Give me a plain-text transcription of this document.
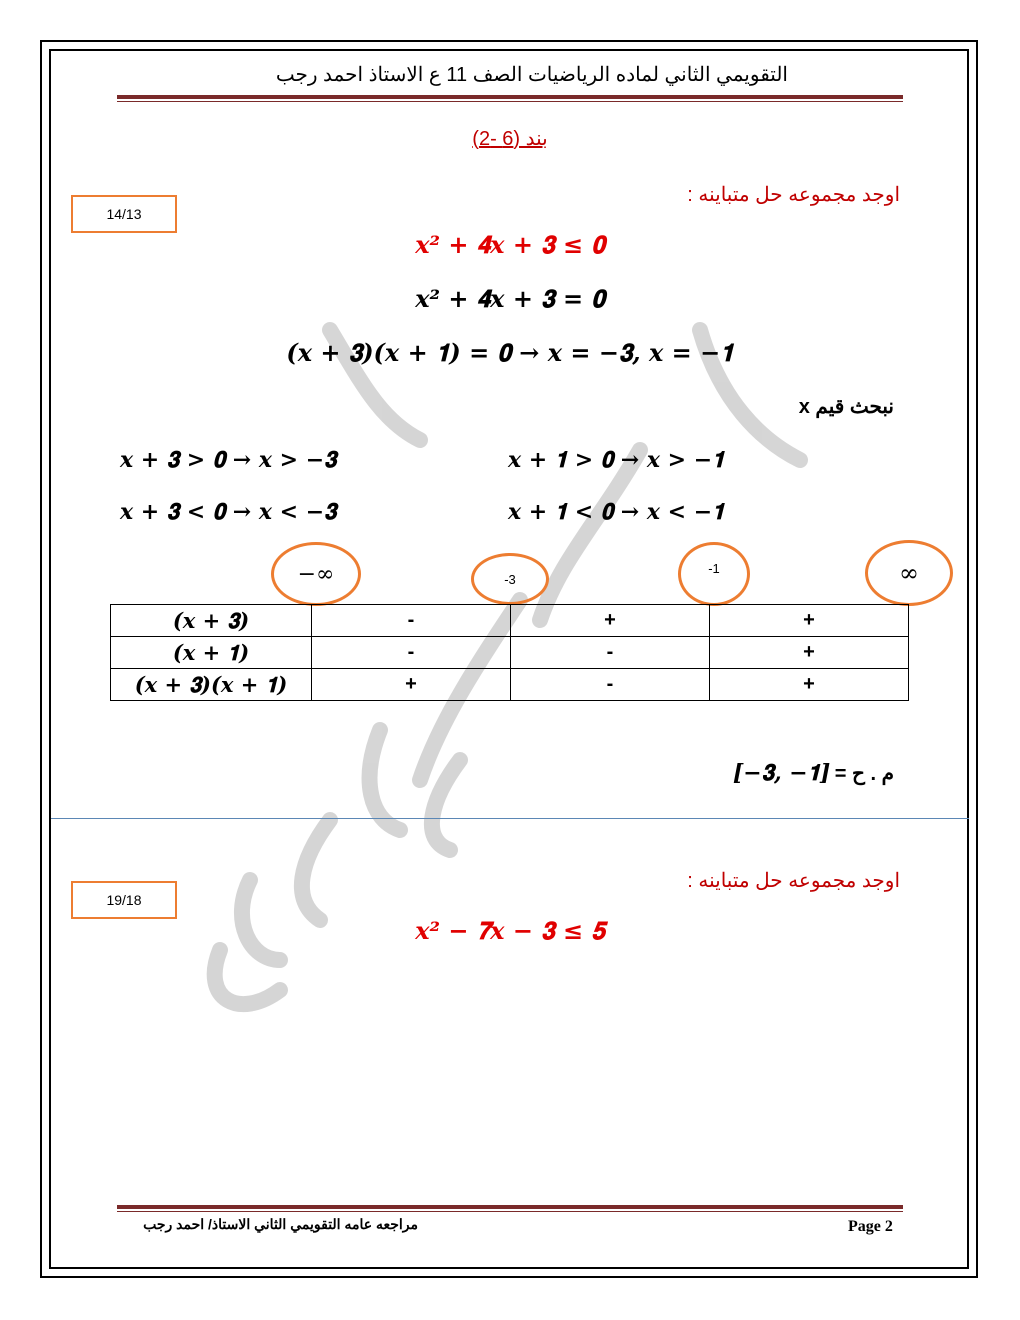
التقويمي الثاني لماده الرياضيات الصف 11 ع الاستاذ احمد رجب
بند (6 -2)
اوجد مجموعه حل متباينه :
14/13
𝒙² + 𝟒𝒙 + 𝟑 ≤ 𝟎
𝒙² + 𝟒𝒙 + 𝟑 = 𝟎
(𝒙 + 𝟑)(𝒙 + 𝟏) = 𝟎 → 𝒙 = −𝟑, 𝒙 = −𝟏
نبحث قيم x
𝒙 + 𝟑 > 𝟎 → 𝒙 > −𝟑
𝒙 + 𝟑 < 𝟎 → 𝒙 < −𝟑
𝒙 + 𝟏 > 𝟎 → 𝒙 > −𝟏
𝒙 + 𝟏 < 𝟎 → 𝒙 < −𝟏
−∞	-3
-1	∞
(𝒙 + 𝟑)	-	+	+
(𝒙 + 𝟏)	-	-	+
(𝒙 + 𝟑)(𝒙 + 𝟏)	+	-	+
م . ح = [−𝟑, −𝟏]
اوجد مجموعه حل متباينه :
19/18
𝒙² − 𝟕𝒙 − 𝟑 ≤ 𝟓
Page 2
مراجعه عامه التقويمي الثاني الاستاذ/ احمد رجب
